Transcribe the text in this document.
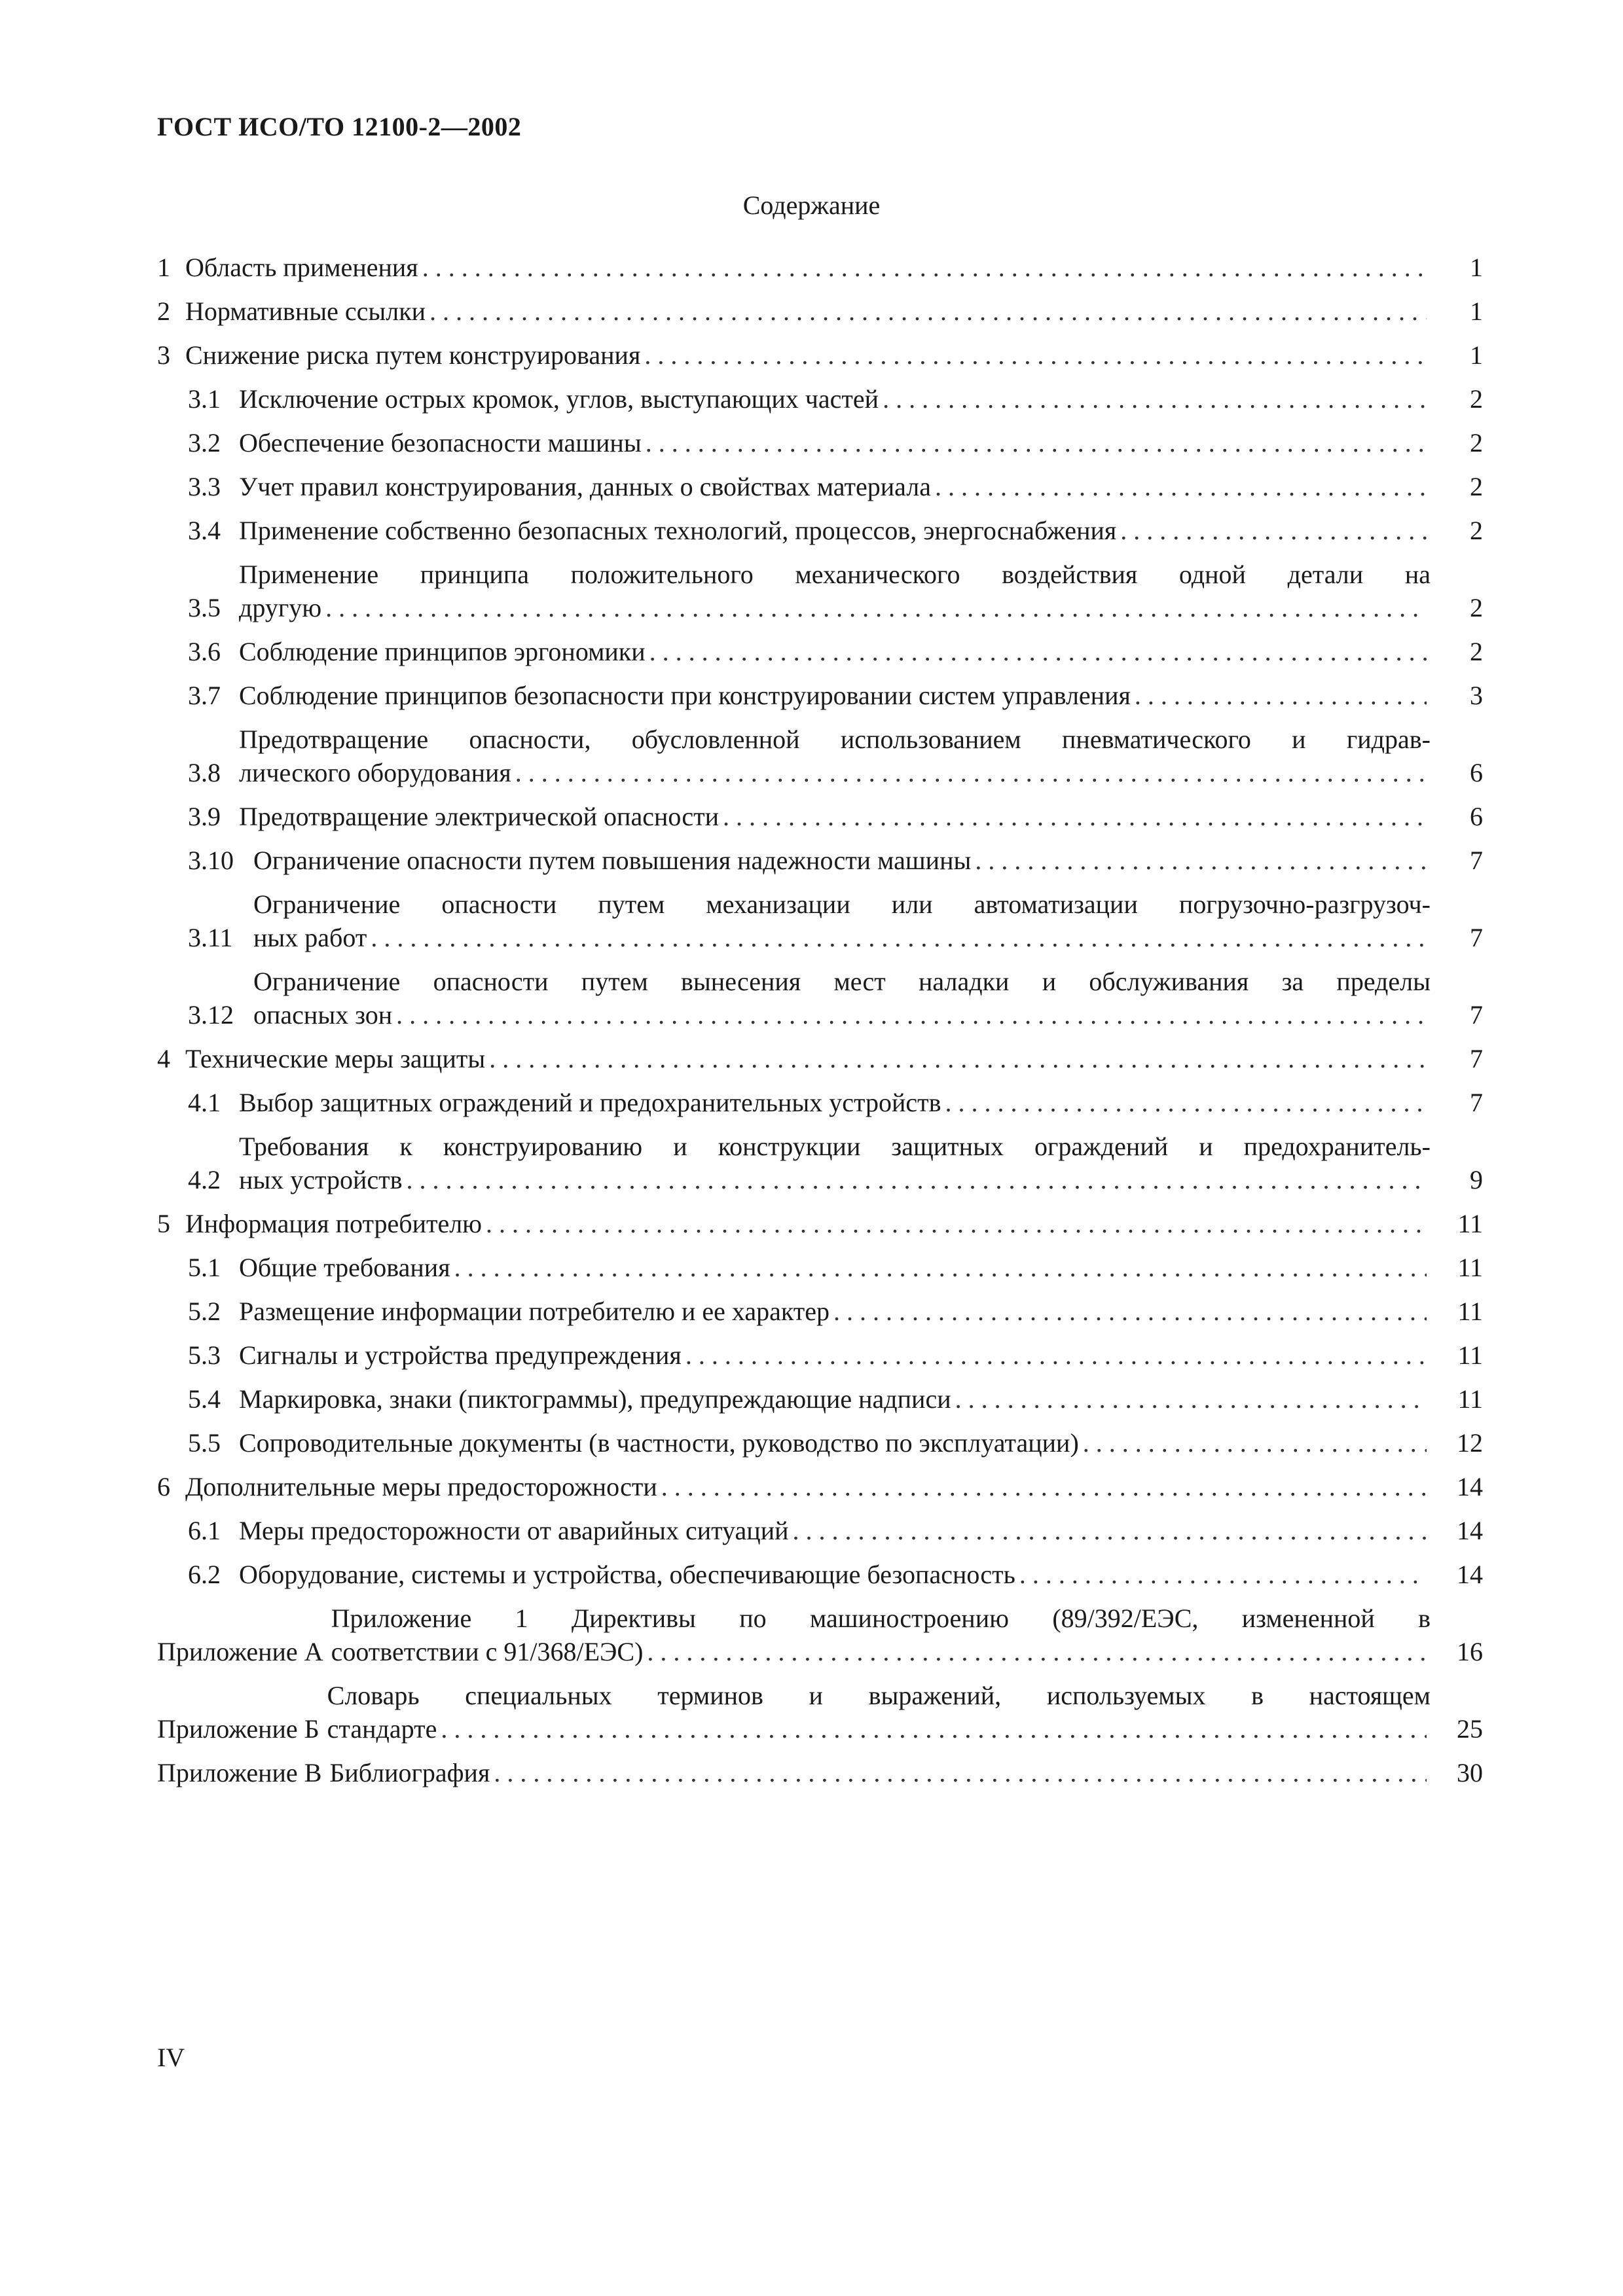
ГОСТ ИСО/ТО 12100-2—2002
Содержание
1 Область применения . . .	1
2 Нормативные ссылки . . .	1
3 Снижение риска путем конструирования . . .	1
3.1 Исключение острых кромок, углов, выступающих частей . . .	2
3.2 Обеспечение безопасности машины . . .	2
3.3 Учет правил конструирования, данных о свойствах материала . . .	2
3.4 Применение собственно безопасных технологий, процессов, энергоснабжения . . .	2
3.5
Применение принципа положительного механического воздействия одной детали на
другую . . .	2
3.6 Соблюдение принципов эргономики . . .	2
3.7 Соблюдение принципов безопасности при конструировании систем управления . . .	3
3.8
Предотвращение опасности, обусловленной использованием пневматического и гидрав-
лического оборудования . . .	6
3.9 Предотвращение электрической опасности . . .	6
3.10 Ограничение опасности путем повышения надежности машины . . .	7
3.11
Ограничение опасности путем механизации или автоматизации погрузочно-разгрузоч-
ных работ . . .	7
3.12
Ограничение опасности путем вынесения мест наладки и обслуживания за пределы
опасных зон . . .	7
4 Технические меры защиты . . .	7
4.1 Выбор защитных ограждений и предохранительных устройств . . .	7
4.2
Требования к конструированию и конструкции защитных ограждений и предохранитель-
ных устройств . . .	9
5 Информация потребителю . . .	11
5.1 Общие требования . . .	11
5.2 Размещение информации потребителю и ее характер . . .	11
5.3 Сигналы и устройства предупреждения . . .	11
5.4 Маркировка, знаки (пиктограммы), предупреждающие надписи . . .	11
5.5 Сопроводительные документы (в частности, руководство по эксплуатации) . . .	12
6 Дополнительные меры предосторожности . . .	14
6.1 Меры предосторожности от аварийных ситуаций . . .	14
6.2 Оборудование, системы и устройства, обеспечивающие безопасность . . .	14
Приложение А
Приложение 1 Директивы по машиностроению (89/392/ЕЭС, измененной в
соответствии с 91/368/ЕЭС) . . .	16
Приложение Б
Словарь специальных терминов и выражений, используемых в настоящем
стандарте . . .	25
Приложение В Библиография . . .	30
IV
